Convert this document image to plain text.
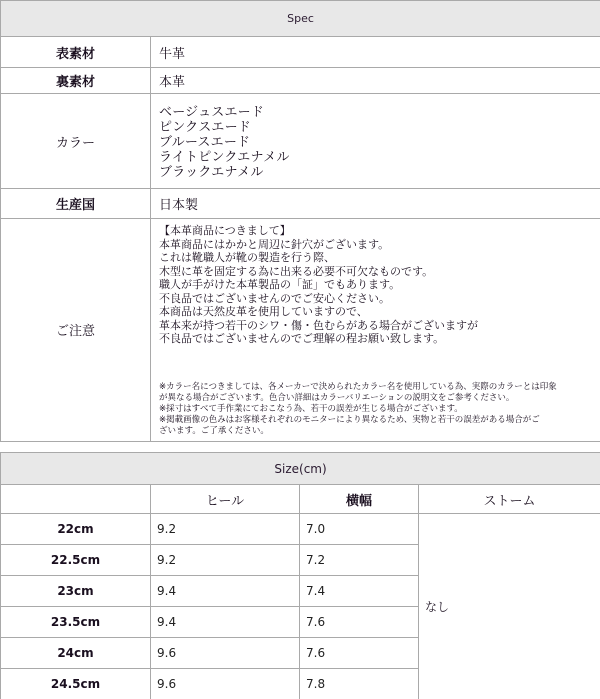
Spec	
表素材	牛革
裏素材	本革
カラー	ベージュスエード
ピンクスエード
ブルースエード
ライトピンクエナメル
ブラックエナメル

生産国	日本製
ご注意	
【本革商品につきまして】
本革商品にはかかと周辺に針穴がございます。
これは靴職人が靴の製造を行う際、
木型に革を固定する為に出来る必要不可欠なものです。
職人が手がけた本革製品の「証」でもあります。
不良品ではございませんのでご安心ください。
本商品は天然皮革を使用していますので、
革本来が持つ若干のシワ・傷・色むらがある場合がございますが
不良品ではございませんのでご理解の程お願い致します。
※カラー名につきましては、各メーカーで決められたカラー名を使用している為、実際のカラーとは印象
が異なる場合がございます。色合い詳細はカラーバリエーションの説明文をご参考ください。
※採寸はすべて手作業にておこなう為、若干の誤差が生じる場合がございます。
※掲載画像の色みはお客様それぞれのモニターにより異なるため、実物と若干の誤差がある場合がご
ざいます。ご了承ください。
Size(cm)			
	ヒール	横幅	ストーム
22cm	9.2	7.0	なし
22.5cm	9.2	7.2	
23cm	9.4	7.4	
23.5cm	9.4	7.6	
24cm	9.6	7.6	
24.5cm	9.6	7.8	
